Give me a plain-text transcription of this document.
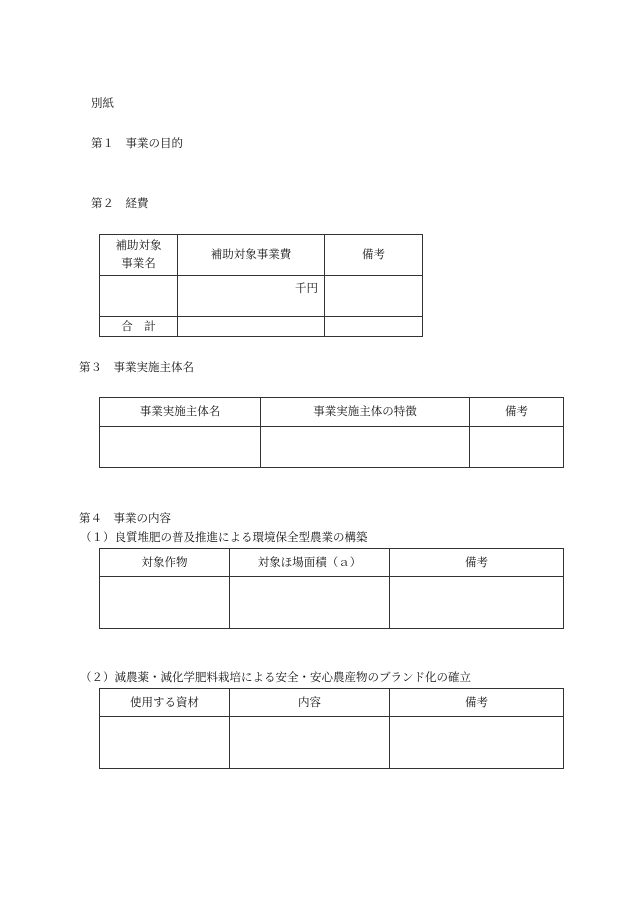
別紙
第１　事業の目的
第２　経費
補助対象
事業名	補助対象事業費	備考
	千円	
合　計		
第３　事業実施主体名
事業実施主体名	事業実施主体の特徴	備考

第４　事業の内容
（１）良質堆肥の普及推進による環境保全型農業の構築
対象作物	対象ほ場面積（ａ）	備考

（２）減農薬・減化学肥料栽培による安全・安心農産物のブランド化の確立
使用する資材	内容	備考
